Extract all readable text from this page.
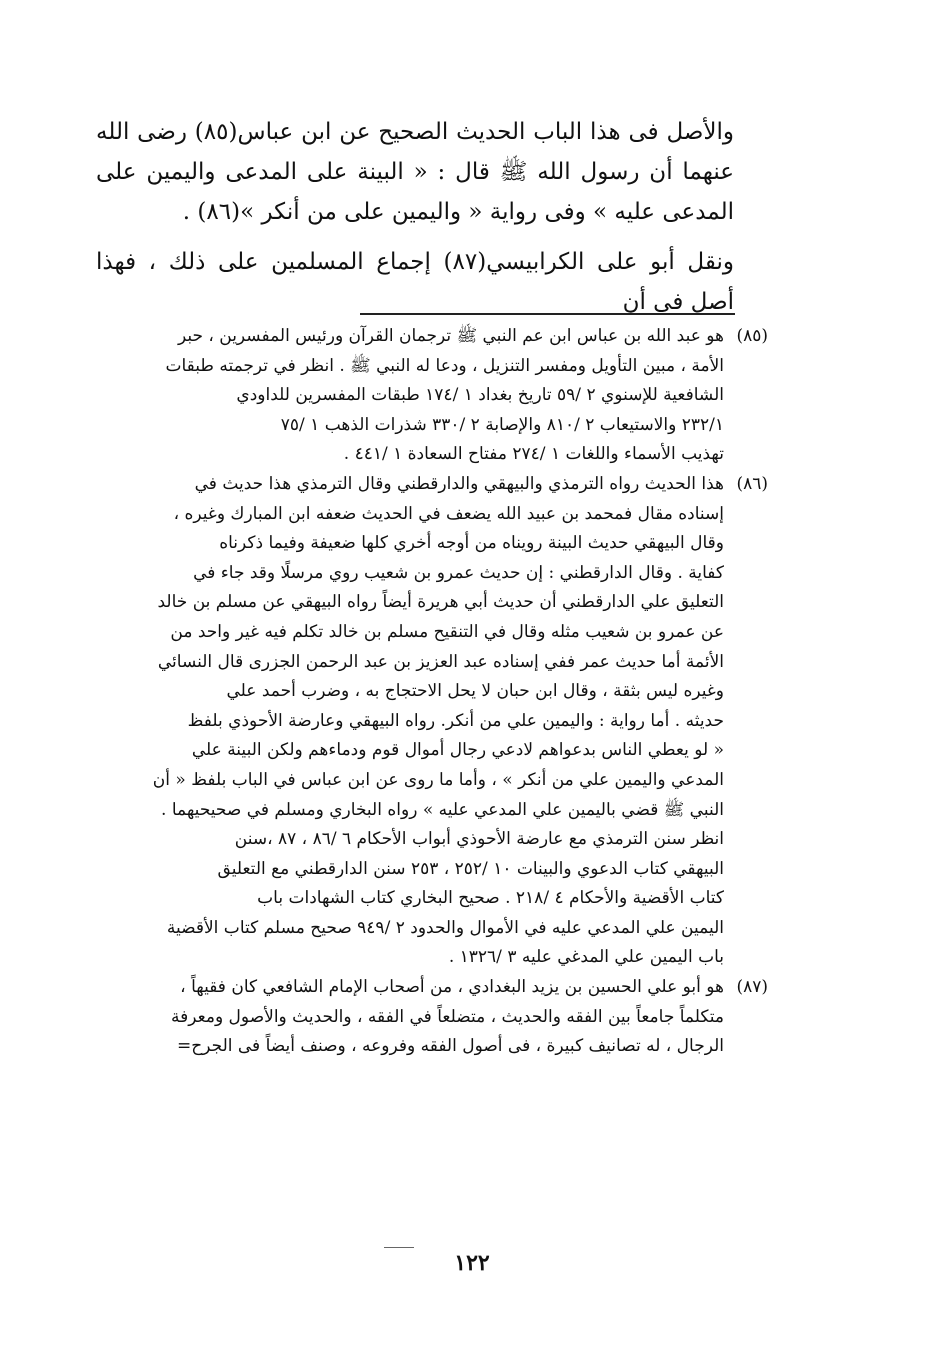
والأصل فى هذا الباب الحديث الصحيح عن ابن عباس(٨٥) رضى الله عنهما أن رسول الله ﷺ قال : « البينة على المدعى واليمين على المدعى عليه » وفى رواية « واليمين على من أنكر »(٨٦) .

ونقل أبو على الكرابيسي(٨٧) إجماع المسلمين على ذلك ، فهذا أصل فى أن

(٨٥)
هو عبد الله بن عباس ابن عم النبي ﷺ ترجمان القرآن ورئيس المفسرين ، حبر
الأمة ، مبين التأويل ومفسر التنزيل ، ودعا له النبي ﷺ . انظر في ترجمته طبقات
الشافعية للإسنوي ٢ /٥٩ تاريخ بغداد ١ /١٧٤ طبقات المفسرين للداودي
٢٣٢/١ والاستيعاب ٢ /٨١٠ والإصابة ٢ /٣٣٠ شذرات الذهب ١ /٧٥
تهذيب الأسماء واللغات ١ /٢٧٤ مفتاح السعادة ١ /٤٤١ .
(٨٦)
هذا الحديث رواه الترمذي والبيهقي والدارقطني وقال الترمذي هذا حديث في
إسناده مقال فمحمد بن عبيد الله يضعف في الحديث ضعفه ابن المبارك وغيره ،
وقال البيهقي حديث البينة رويناه من أوجه أخري كلها ضعيفة وفيما ذكرناه
كفاية . وقال الدارقطني : إن حديث عمرو بن شعيب روي مرسلًا وقد جاء في
التعليق علي الدارقطني أن حديث أبي هريرة أيضاً رواه البيهقي عن مسلم بن خالد
عن عمرو بن شعيب مثله وقال في التنقيح مسلم بن خالد تكلم فيه غير واحد من
الأئمة أما حديث عمر ففي إسناده عبد العزيز بن عبد الرحمن الجزرى قال النسائي
وغيره ليس بثقة ، وقال ابن حبان لا يحل الاحتجاج به ، وضرب أحمد علي
حديثه . أما رواية : واليمين علي من أنكر. رواه البيهقي وعارضة الأحوذي بلفظ
« لو يعطي الناس بدعواهم لادعي رجال أموال قوم ودماءهم ولكن البينة علي
المدعي واليمين علي من أنكر » ، وأما ما روى عن ابن عباس في الباب بلفظ « أن
النبي ﷺ قضي باليمين علي المدعي عليه » رواه البخاري ومسلم في صحيحيهما .
انظر سنن الترمذي مع عارضة الأحوذي أبواب الأحكام ٦ /٨٦ ، ٨٧ ،سنن
البيهقي كتاب الدعوي والبينات ١٠ /٢٥٢ ، ٢٥٣ سنن الدارقطني مع التعليق
كتاب الأقضية والأحكام ٤ /٢١٨ . صحيح البخاري كتاب الشهادات باب
اليمين علي المدعي عليه في الأموال والحدود ٢ /٩٤٩ صحيح مسلم كتاب الأقضية
باب اليمين علي المدغي عليه ٣ /١٣٢٦ .
(٨٧)
هو أبو علي الحسين بن يزيد البغدادي ، من أصحاب الإمام الشافعي كان فقيهاً ،
متكلماً جامعاً بين الفقه والحديث ، متضلعاً في الفقه ، والحديث والأصول ومعرفة
الرجال ، له تصانيف كبيرة ، فى أصول الفقه وفروعه ، وصنف أيضاً فى الجرح=
١٢٢
